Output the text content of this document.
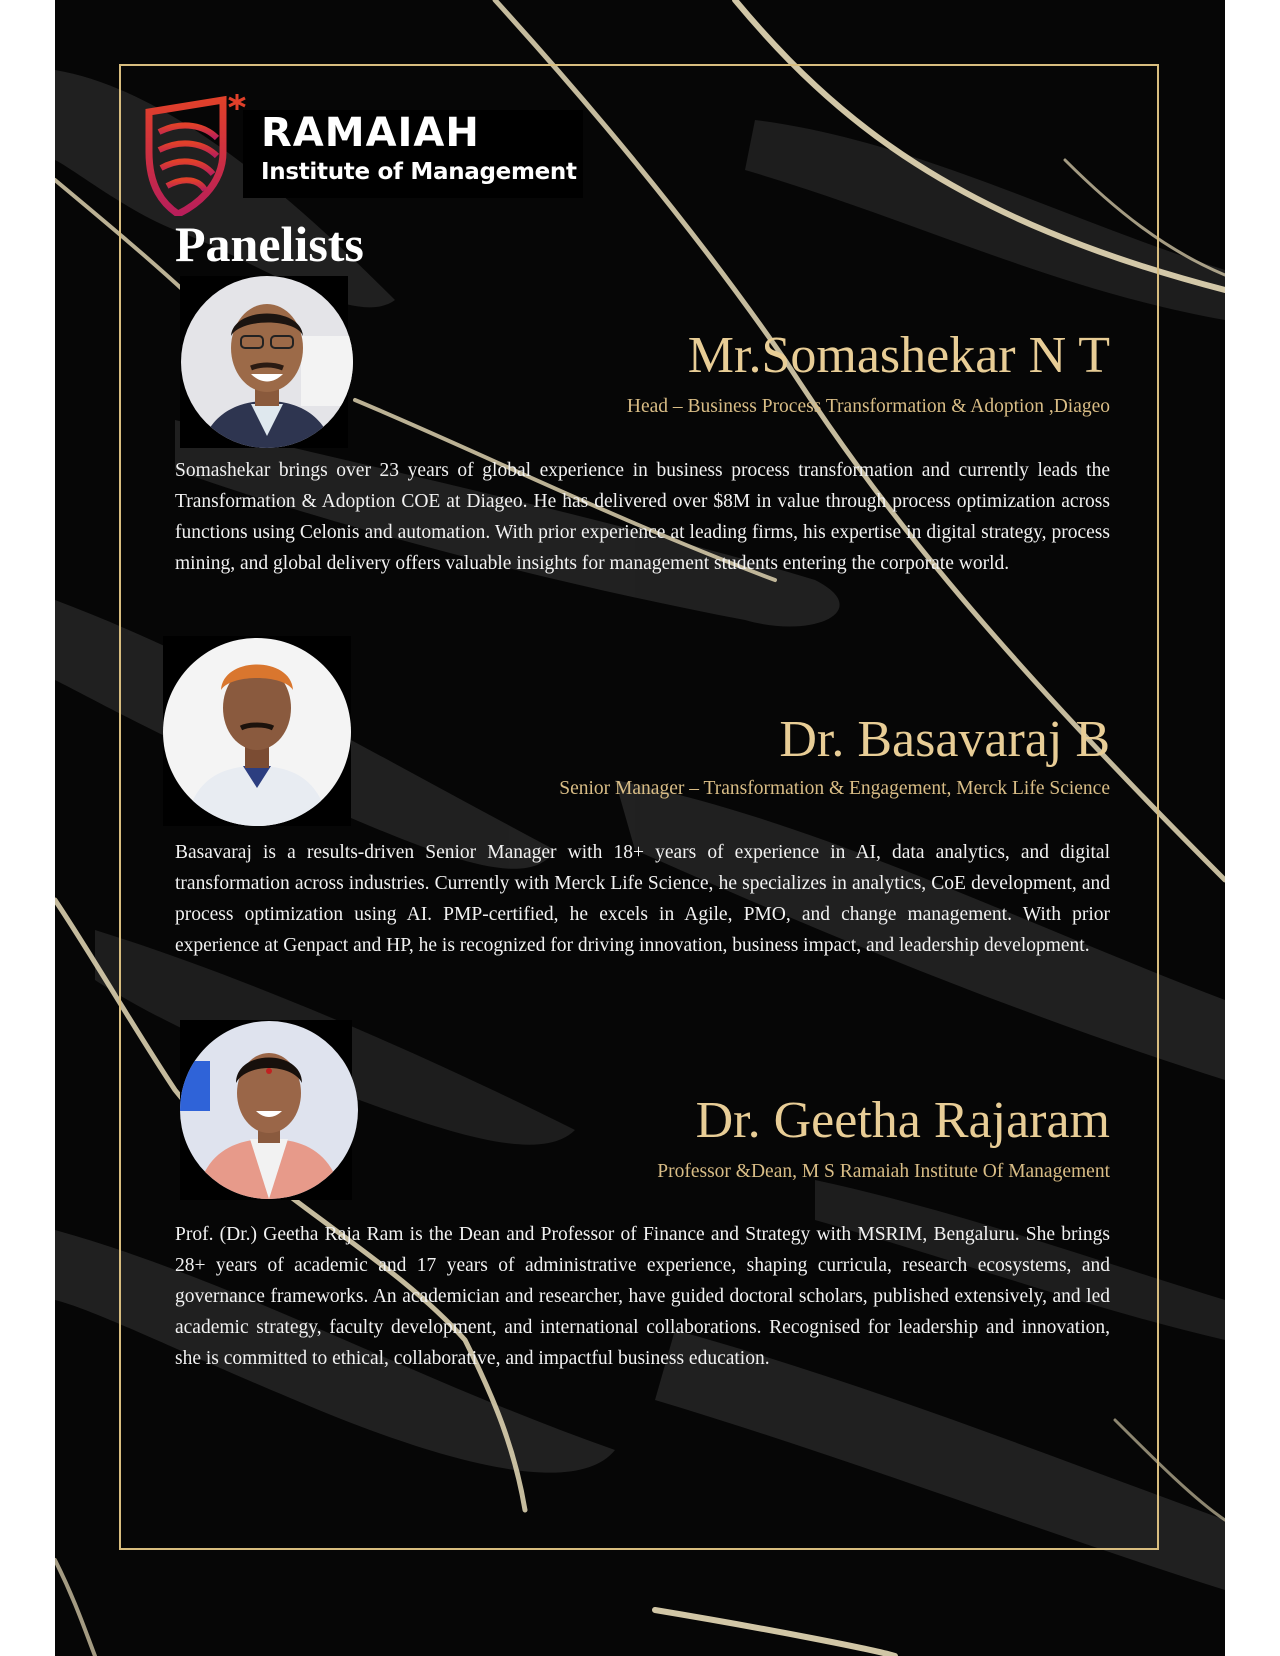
RAMAIAH
Institute of Management
Panelists
Mr.Somashekar N T
Head – Business Process Transformation & Adoption ,Diageo

Somashekar brings over 23 years of global experience in business process transformation and currently leads the Transformation & Adoption COE at Diageo. He has delivered over $8M in value through process optimization across functions using Celonis and automation. With prior experience at leading firms, his expertise in digital strategy, process mining, and global delivery offers valuable insights for management students entering the corporate world.

Dr. Basavaraj B
Senior Manager – Transformation & Engagement, Merck Life Science

Basavaraj is a results-driven Senior Manager with 18+ years of experience in AI, data analytics, and digital transformation across industries. Currently with Merck Life Science, he specializes in analytics, CoE development, and process optimization using AI. PMP-certified, he excels in Agile, PMO, and change management. With prior experience at Genpact and HP, he is recognized for driving innovation, business impact, and leadership development.

Dr. Geetha Rajaram
Professor &Dean, M S Ramaiah Institute Of Management

Prof. (Dr.) Geetha Raja Ram is the Dean and Professor of Finance and Strategy with MSRIM, Bengaluru. She brings 28+ years of academic and 17 years of administrative experience, shaping curricula, research ecosystems, and governance frameworks. An academician and researcher, have guided doctoral scholars, published extensively, and led academic strategy, faculty development, and international collaborations. Recognised for leadership and innovation, she is committed to ethical, collaborative, and impactful business education.
